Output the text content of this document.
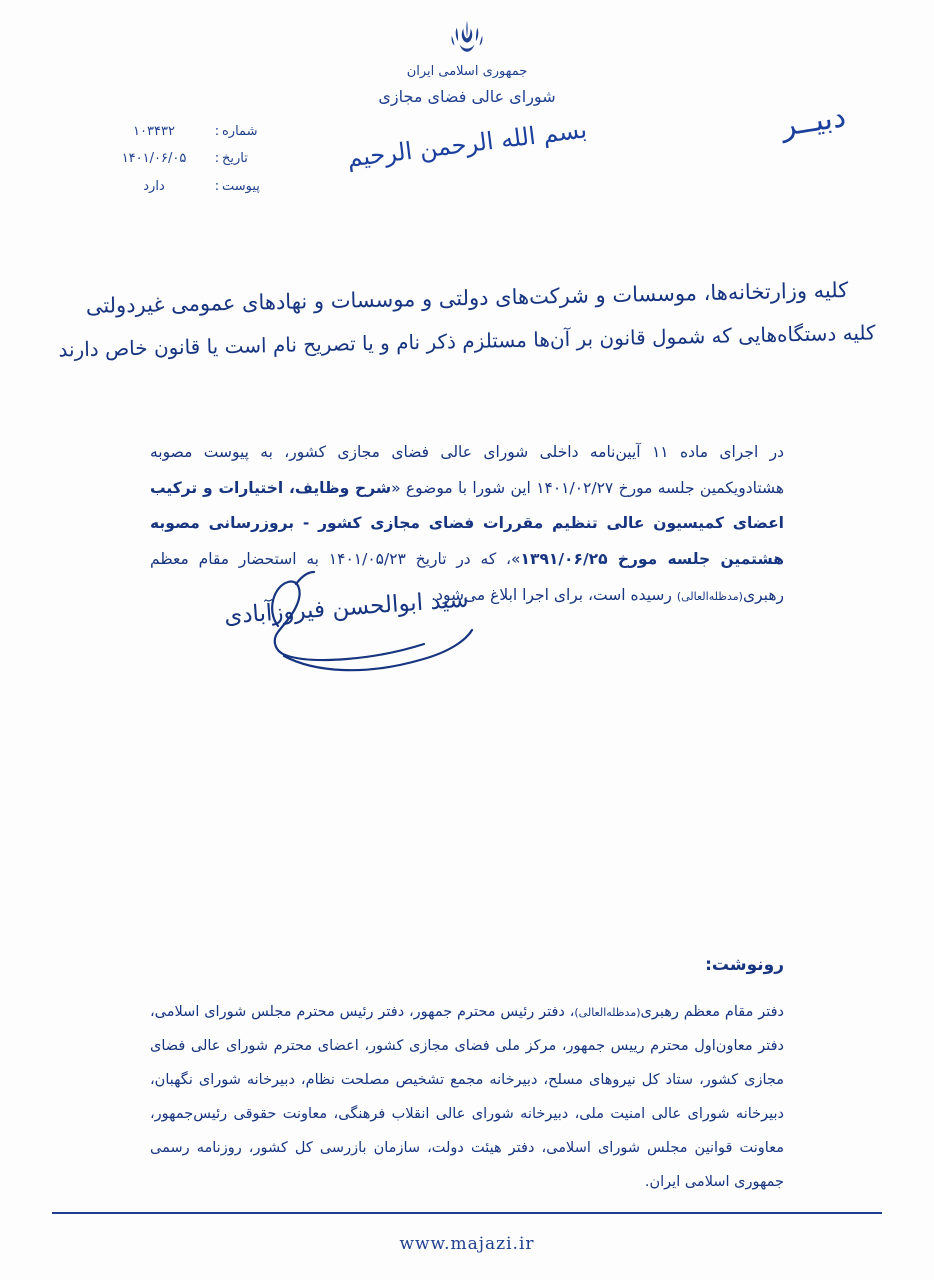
جمهوری اسلامی ایران
شورای عالی فضای مجازی
دبیــر
بسم الله الرحمن الرحیم
شماره
:
۱۰۳۴۳۲
تاریخ
:
۱۴۰۱/۰۶/۰۵
پیوست
:
دارد
کلیه وزارتخانه‌ها، موسسات و شرکت‌های دولتی و موسسات و نهادهای عمومی غیردولتی
کلیه دستگاه‌هایی که شمول قانون بر آن‌ها مستلزم ذکر نام و یا تصریح نام است یا قانون خاص دارند
در اجرای ماده ۱۱ آیین‌نامه داخلی شورای عالی فضای مجازی کشور، به پیوست مصوبه هشتادویکمین جلسه مورخ ۱۴۰۱/۰۲/۲۷ این شورا با موضوع «شرح وظایف، اختیارات و ترکیب اعضای کمیسیون عالی تنظیم مقررات فضای مجازی کشور - بروزرسانی مصوبه هشتمین جلسه مورخ ۱۳۹۱/۰۶/۲۵»، که در تاریخ ۱۴۰۱/۰۵/۲۳ به استحضار مقام معظم رهبری(مدظله‌العالی) رسیده است، برای اجرا ابلاغ می‌شود.
سید ابوالحسن فیروزآبادی
رونوشت:
دفتر مقام معظم رهبری(مدظله‌العالی)، دفتر رئیس محترم جمهور، دفتر رئیس محترم مجلس شورای اسلامی، دفتر معاون‌اول محترم رییس جمهور، مرکز ملی فضای مجازی کشور، اعضای محترم شورای عالی فضای مجازی کشور، ستاد کل نیروهای مسلح، دبیرخانه مجمع تشخیص مصلحت نظام، دبیرخانه شورای نگهبان، دبیرخانه شورای عالی امنیت ملی، دبیرخانه شورای عالی انقلاب فرهنگی، معاونت حقوقی رئیس‌جمهور، معاونت قوانین مجلس شورای اسلامی، دفتر هیئت دولت، سازمان بازرسی کل کشور، روزنامه رسمی جمهوری اسلامی ایران.
www.majazi.ir
